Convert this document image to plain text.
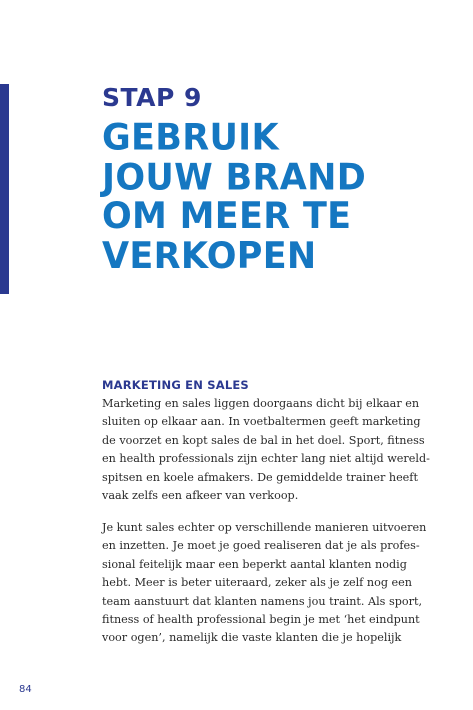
STAP 9
GEBRUIK
JOUW BRAND
OM MEER TE
VERKOPEN
MARKETING EN SALES

Marketing en sales liggen doorgaans dicht bij elkaar en
sluiten op elkaar aan. In voetbaltermen geeft marketing
de voorzet en kopt sales de bal in het doel. Sport, fitness
en health professionals zijn echter lang niet altijd wereld-
spitsen en koele afmakers. De gemiddelde trainer heeft
vaak zelfs een afkeer van verkoop.

Je kunt sales echter op verschillende manieren uitvoeren
en inzetten. Je moet je goed realiseren dat je als profes-
sional feitelijk maar een beperkt aantal klanten nodig
hebt. Meer is beter uiteraard, zeker als je zelf nog een
team aanstuurt dat klanten namens jou traint. Als sport,
fitness of health professional begin je met ‘het eindpunt
voor ogen’, namelijk die vaste klanten die je hopelijk

84
